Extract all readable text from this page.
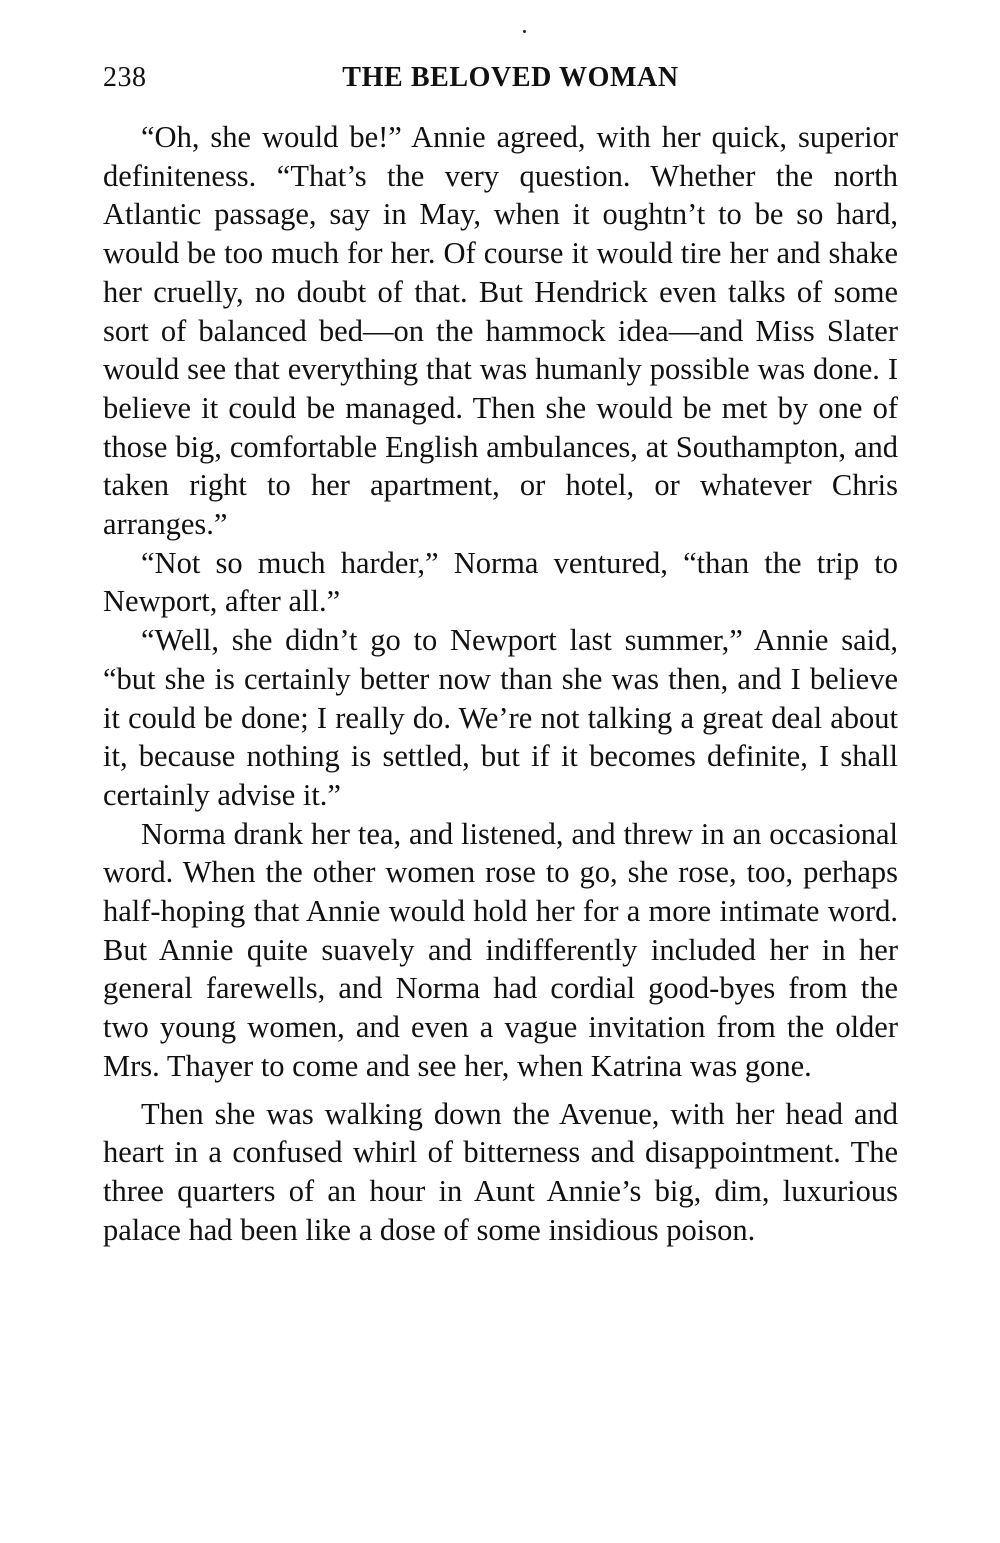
238	THE BELOVED WOMAN

“Oh, she would be!” Annie agreed, with her quick, superior definiteness. “That’s the very question. Whether the north Atlantic passage, say in May, when it oughtn’t to be so hard, would be too much for her. Of course it would tire her and shake her cruelly, no doubt of that. But Hendrick even talks of some sort of balanced bed—on the hammock idea—and Miss Slater would see that everything that was humanly possible was done. I believe it could be managed. Then she would be met by one of those big, comfortable English ambulances, at Southampton, and taken right to her apartment, or hotel, or whatever Chris arranges.”

“Not so much harder,” Norma ventured, “than the trip to Newport, after all.”

“Well, she didn’t go to Newport last summer,” Annie said, “but she is certainly better now than she was then, and I believe it could be done; I really do. We’re not talking a great deal about it, because nothing is settled, but if it becomes definite, I shall certainly advise it.”

Norma drank her tea, and listened, and threw in an occasional word. When the other women rose to go, she rose, too, perhaps half-hoping that Annie would hold her for a more intimate word. But Annie quite suavely and indifferently included her in her general farewells, and Norma had cordial good-byes from the two young women, and even a vague invitation from the older Mrs. Thayer to come and see her, when Katrina was gone.

Then she was walking down the Avenue, with her head and heart in a confused whirl of bitterness and disappointment. The three quarters of an hour in Aunt Annie’s big, dim, luxurious palace had been like a dose of some insidious poison.
